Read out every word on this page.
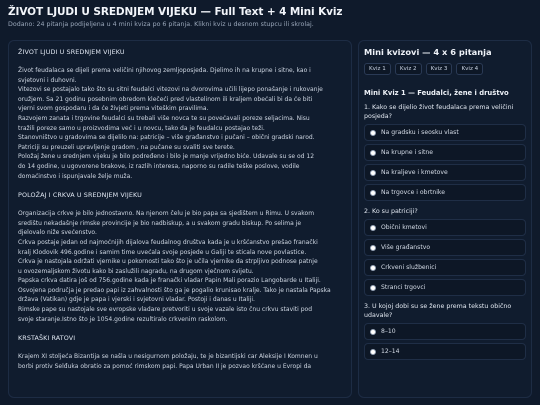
ŽIVOT LJUDI U SREDNJEM VIJEKU — Full Text + 4 Mini Kviz
Dodano: 24 pitanja podijeljena u 4 mini kviza po 6 pitanja. Klikni kviz u desnom stupcu ili skrolaj.
ŽIVOT LJUDI U SREDNJEM VIJEKU
Život feudalaca se dijeli prema veličini njihovog zemljoposjeda. Djelimo ih na krupne i sitne, kao i
svjetovni i duhovni.
Vitezovi se postajalo tako što su sitni feudalci vitezovi na dvorovima učili lijepo ponašanje i rukovanje
oružjem. Sa 21 godinu posebnim obredom klečeći pred vlastelinom ili kraljem obećali bi da će biti
vjerni svom gospodaru i da će živjeti prema viteškim pravilima.
Razvojem zanata i trgovine feudalci su trebali više novca te su povećavali poreze seljacima. Nisu
tražili poreze samo u proizvodima već i u novcu, tako da je feudalcu postajao teži.
Stanovništvo u gradovima se dijelilo na: patricije – više građanstvo i pučani – obični gradski narod.
Patriciji su preuzeli upravljenje gradom , na pučane su svaliti sve terete.
Položaj žene u srednjem vijeku je bilo podređeno i bilo je manje vrijedno biće. Udavale su se od 12
do 14 godine, u ugovorene brakove, iz razlih interesa, naporno su radile teške poslove, vodile
domaćinstvo i ispunjavale želje muža.
POLOŽAJ I CRKVA U SREDNJEM VIJEKU
Organizacija crkve je bilo jednostavno. Na njenom čelu je bio papa sa sjedištem u Rimu. U svakom
središtu nekadašnje rimske provincije je bio nadbiskup, a u svakom gradu biskup. Po selima je
djelovalo niže svećenstvo.
Crkva postaje jedan od najmoćnijih dijalova feudalnog društva kada je u kršćanstvo prešao franački
kralj Klodovik 496.godine i samim time uvećala svoje posjede u Galiji te sticala nove povlastice.
Crkva je nastojala održati vjernike u pokornosti tako što je učila vjernike da strpljivo podnose patnje
u ovozemaljskom životu kako bi zaslužili nagradu, na drugom vječnom svijetu.
Papska crkva datira još od 756.godine kada je franački vladar Papin Mali porazio Langobarde u Italiji.
Osvojena područja je predao papi iz zahvalnosti što ga je pogalio krunisao kralje. Tako je nastala Papska
država (Vatikan) gdje je papa i vjerski i svjetovni vladar. Postoji i danas u Italiji.
Rimske pape su nastojale sve evropske vladare pretvoriti u svoje vazale isto čnu crkvu staviti pod
svoje staranje.Istno što je 1054.godine rezultiralo crkvenim raskolom.
KRSTAŠKI RATOVI
Krajem XI stoljeća Bizantija se našla u nesigurnom položaju, te je bizantijski car Aleksije I Komnen u
borbi protiv Selđuka obratio za pomoć rimskom papi. Papa Urban II je pozvao kršćane u Evropi da
Mini kvizovi — 4 x 6 pitanja
Kviz 1	Kviz 2	Kviz 3	Kviz 4
Mini Kviz 1 — Feudalci, žene i društvo
1. Kako se dijelio život feudalaca prema veličini posjeda?
Na gradsku i seosku vlast
Na krupne i sitne
Na kraljeve i kmetove
Na trgovce i obrtnike
2. Ko su patriciji?
Obični kmetovi
Više građanstvo
Crkveni službenici
Stranci trgovci
3. U kojoj dobi su se žene prema tekstu obično udavale?
8–10
12–14
